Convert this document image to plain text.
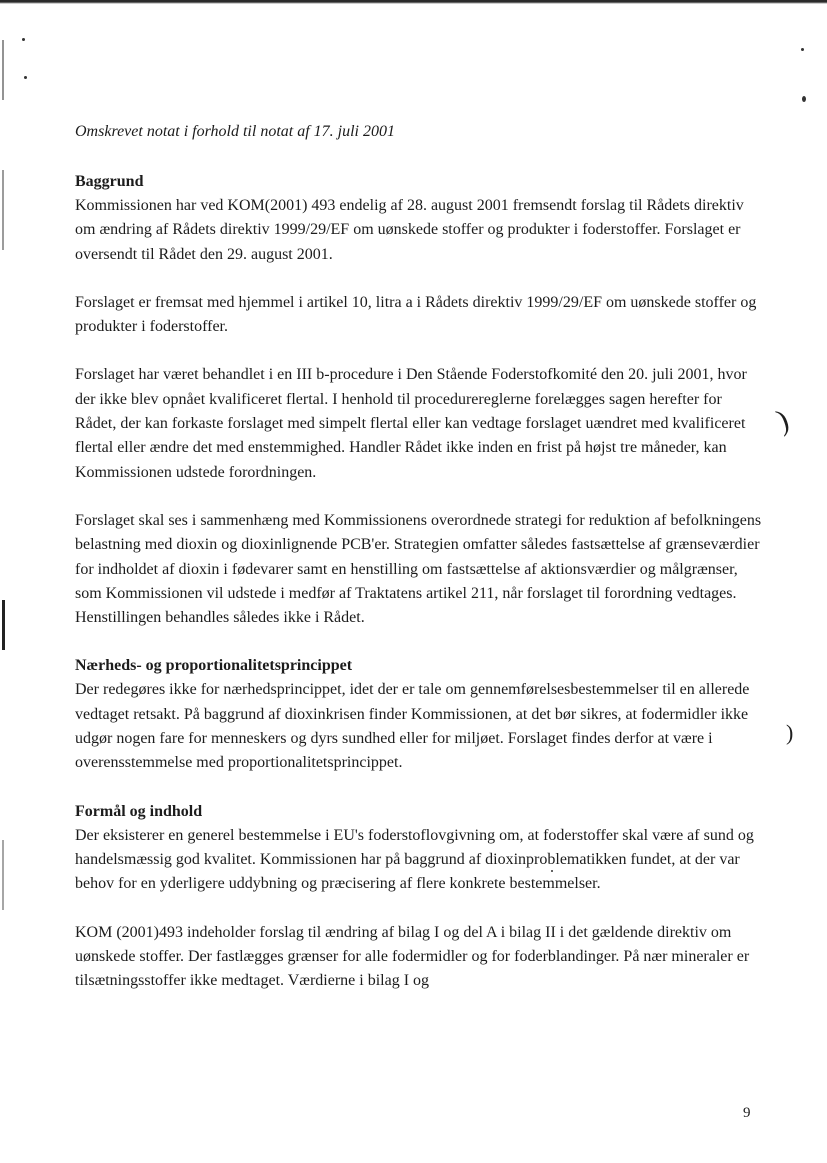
)
)
Omskrevet notat i forhold til notat af 17. juli 2001
Baggrund

Kommissionen har ved KOM(2001) 493 endelig af 28. august 2001 fremsendt forslag til Rådets direktiv om ændring af Rådets direktiv 1999/29/EF om uønskede stoffer og produkter i foderstoffer. Forslaget er oversendt til Rådet den 29. august 2001.

Forslaget er fremsat med hjemmel i artikel 10, litra a i Rådets direktiv 1999/29/EF om uønskede stoffer og produkter i foderstoffer.

Forslaget har været behandlet i en III b-procedure i Den Stående Foderstofkomité den 20. juli 2001, hvor der ikke blev opnået kvalificeret flertal. I henhold til procedurereglerne forelægges sagen herefter for Rådet, der kan forkaste forslaget med simpelt flertal eller kan vedtage forslaget uændret med kvalificeret flertal eller ændre det med enstemmighed. Handler Rådet ikke inden en frist på højst tre måneder, kan Kommissionen udstede forordningen.

Forslaget skal ses i sammenhæng med Kommissionens overordnede strategi for reduktion af befolkningens belastning med dioxin og dioxinlignende PCB'er. Strategien omfatter således fastsættelse af grænseværdier for indholdet af dioxin i fødevarer samt en henstilling om fastsættelse af aktionsværdier og målgrænser, som Kommissionen vil udstede i medfør af Traktatens artikel 211, når forslaget til forordning vedtages. Henstillingen behandles således ikke i Rådet.

Nærheds- og proportionalitetsprincippet

Der redegøres ikke for nærhedsprincippet, idet der er tale om gennemførelsesbestemmelser til en allerede vedtaget retsakt. På baggrund af dioxinkrisen finder Kommissionen, at det bør sikres, at fodermidler ikke udgør nogen fare for menneskers og dyrs sundhed eller for miljøet. Forslaget findes derfor at være i overensstemmelse med proportionalitetsprincippet.

Formål og indhold

Der eksisterer en generel bestemmelse i EU's foderstoflovgivning om, at foderstoffer skal være af sund og handelsmæssig god kvalitet. Kommissionen har på baggrund af dioxinproblematikken fundet, at der var behov for en yderligere uddybning og præcisering af flere konkrete bestemmelser.

KOM (2001)493 indeholder forslag til ændring af bilag I og del A i bilag II i det gældende direktiv om uønskede stoffer. Der fastlægges grænser for alle fodermidler og for foderblandinger. På nær mineraler er tilsætningsstoffer ikke medtaget. Værdierne i bilag I og

9
